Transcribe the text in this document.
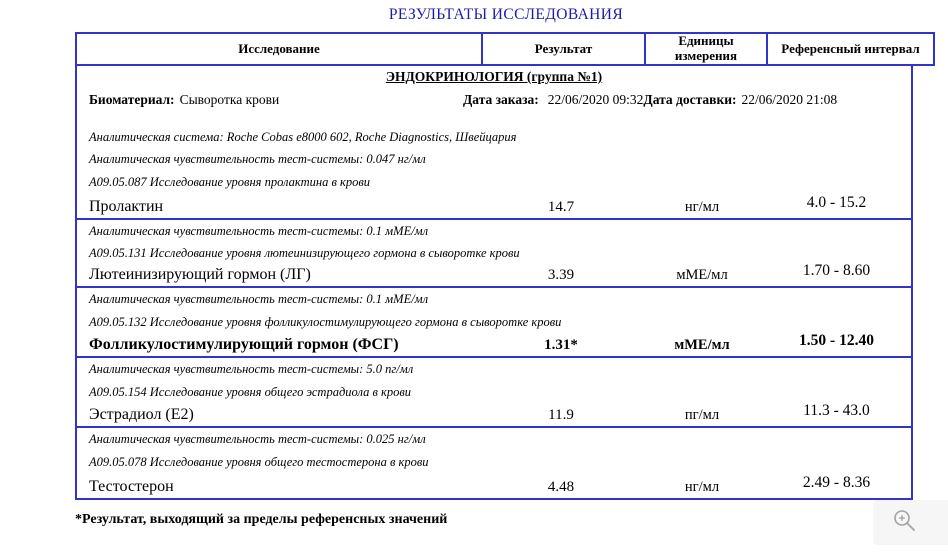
РЕЗУЛЬТАТЫ ИССЛЕДОВАНИЯ
Исследование	Результат	Единицы измерения	Референсный интервал
ЭНДОКРИНОЛОГИЯ (группа №1)
Биоматериал: Сыворотка крови	Дата заказа: 22/06/2020 09:32Дата доставки: 22/06/2020 21:08
Аналитическая система: Roche Cobas e8000 602, Roche Diagnostics, Швейцария
Аналитическая чувствительность тест-системы: 0.047 нг/мл
А09.05.087 Исследование уровня пролактина в крови
Пролактин	14.7	нг/мл	4.0 - 15.2
Аналитическая чувствительность тест-системы: 0.1 мМЕ/мл
А09.05.131 Исследование уровня лютеинизирующего гормона в сыворотке крови
Лютеинизирующий гормон (ЛГ)	3.39	мМЕ/мл	1.70 - 8.60
Аналитическая чувствительность тест-системы: 0.1 мМЕ/мл
А09.05.132 Исследование уровня фолликулостимулирующего гормона в сыворотке крови
Фолликулостимулирующий гормон (ФСГ)	1.31*	мМЕ/мл	1.50 - 12.40
Аналитическая чувствительность тест-системы: 5.0 пг/мл
А09.05.154 Исследование уровня общего эстрадиола в крови
Эстрадиол (Е2)	11.9	пг/мл	11.3 - 43.0
Аналитическая чувствительность тест-системы: 0.025 нг/мл
А09.05.078 Исследование уровня общего тестостерона в крови
Тестостерон	4.48	нг/мл	2.49 - 8.36
*Результат, выходящий за пределы референсных значений
